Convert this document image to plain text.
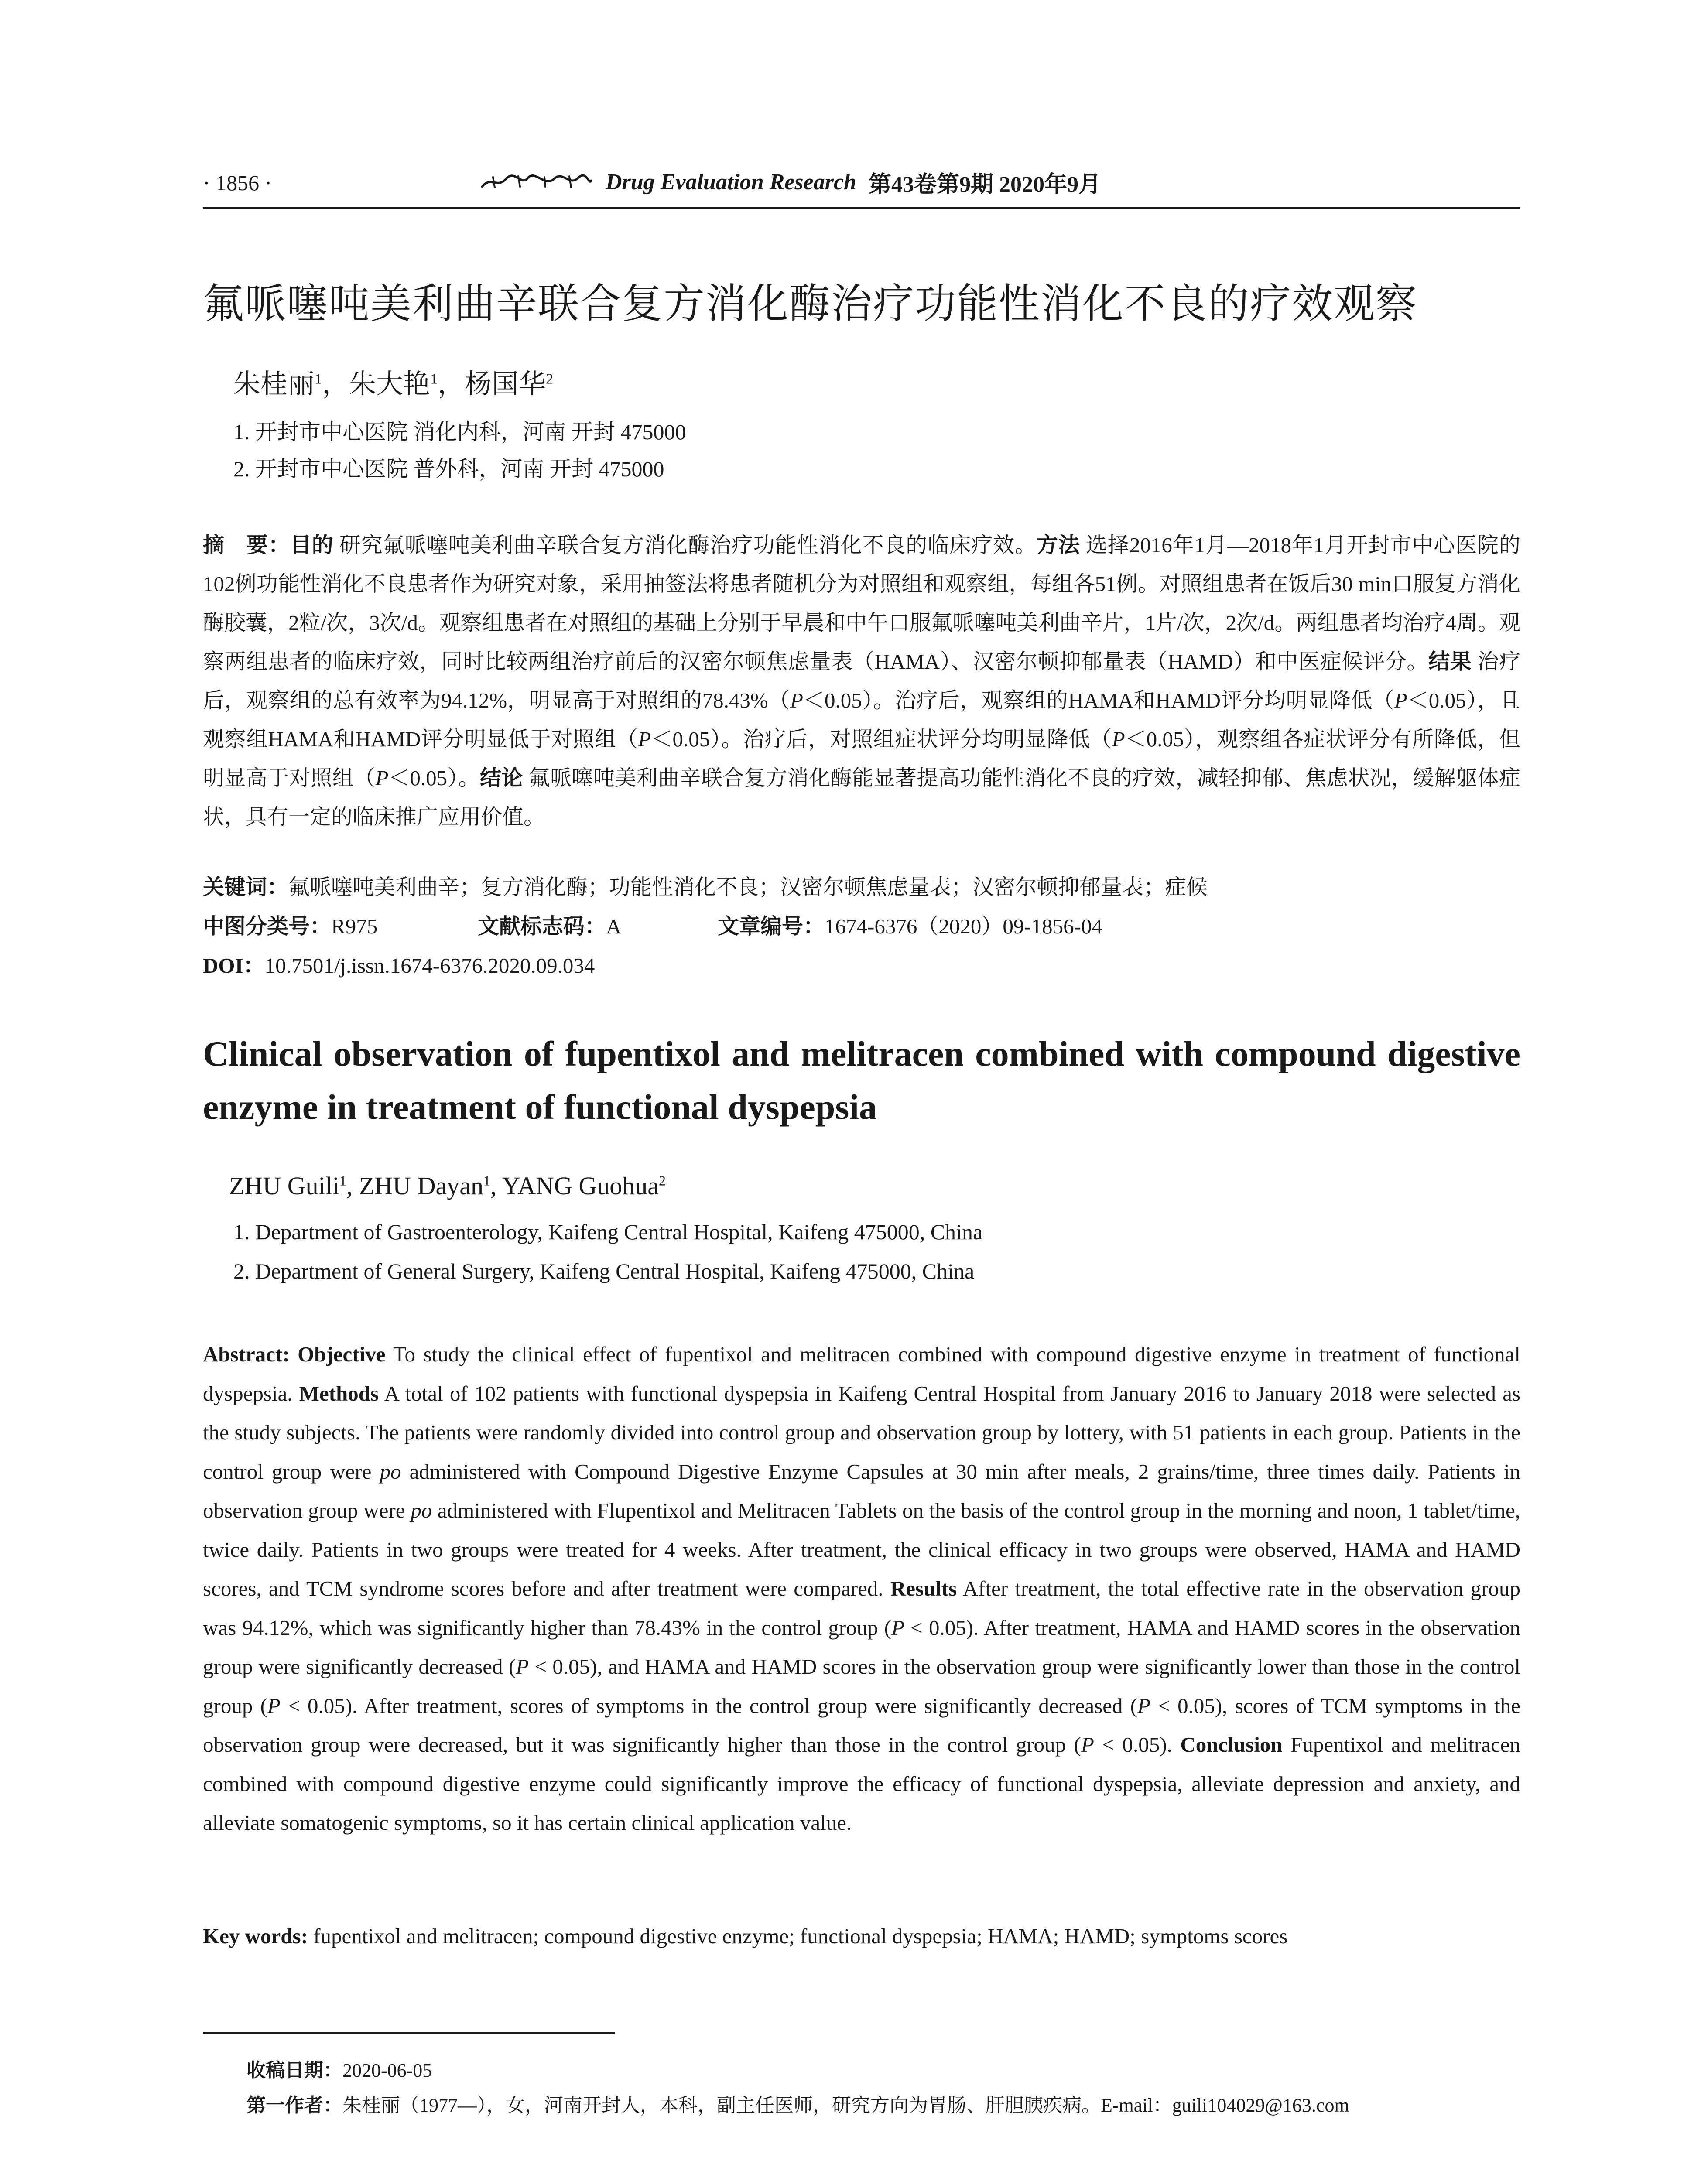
· 1856 ·	Drug Evaluation Research 第43卷第9期 2020年9月
氟哌噻吨美利曲辛联合复方消化酶治疗功能性消化不良的疗效观察
朱桂丽$^1$，朱大艳$^1$，杨国华$^2$
1. 开封市中心医院 消化内科，河南 开封 475000
2. 开封市中心医院 普外科，河南 开封 475000
摘　要：目的 研究氟哌噻吨美利曲辛联合复方消化酶治疗功能性消化不良的临床疗效。方法 选择2016年1月—2018年1月开封市中心医院的102例功能性消化不良患者作为研究对象，采用抽签法将患者随机分为对照组和观察组，每组各51例。对照组患者在饭后30 min口服复方消化酶胶囊，2粒/次，3次/d。观察组患者在对照组的基础上分别于早晨和中午口服氟哌噻吨美利曲辛片，1片/次，2次/d。两组患者均治疗4周。观察两组患者的临床疗效，同时比较两组治疗前后的汉密尔顿焦虑量表（HAMA）、汉密尔顿抑郁量表（HAMD）和中医症候评分。结果 治疗后，观察组的总有效率为94.12%，明显高于对照组的78.43%（P＜0.05）。治疗后，观察组的HAMA和HAMD评分均明显降低（P＜0.05），且观察组HAMA和HAMD评分明显低于对照组（P＜0.05）。治疗后，对照组症状评分均明显降低（P＜0.05），观察组各症状评分有所降低，但明显高于对照组（P＜0.05）。结论 氟哌噻吨美利曲辛联合复方消化酶能显著提高功能性消化不良的疗效，减轻抑郁、焦虑状况，缓解躯体症状，具有一定的临床推广应用价值。
关键词：氟哌噻吨美利曲辛；复方消化酶；功能性消化不良；汉密尔顿焦虑量表；汉密尔顿抑郁量表；症候
中图分类号：R975	文献标志码：A	文章编号：1674-6376（2020）09-1856-04
DOI：10.7501/j.issn.1674-6376.2020.09.034
Clinical observation of fupentixol and melitracen combined with compound digestive enzyme in treatment of functional dyspepsia
ZHU Guili$^1$, ZHU Dayan$^1$, YANG Guohua$^2$
1. Department of Gastroenterology, Kaifeng Central Hospital, Kaifeng 475000, China
2. Department of General Surgery, Kaifeng Central Hospital, Kaifeng 475000, China
Abstract: Objective To study the clinical effect of fupentixol and melitracen combined with compound digestive enzyme in treatment of functional dyspepsia. Methods A total of 102 patients with functional dyspepsia in Kaifeng Central Hospital from January 2016 to January 2018 were selected as the study subjects. The patients were randomly divided into control group and observation group by lottery, with 51 patients in each group. Patients in the control group were po administered with Compound Digestive Enzyme Capsules at 30 min after meals, 2 grains/time, three times daily. Patients in observation group were po administered with Flupentixol and Melitracen Tablets on the basis of the control group in the morning and noon, 1 tablet/time, twice daily. Patients in two groups were treated for 4 weeks. After treatment, the clinical efficacy in two groups were observed, HAMA and HAMD scores, and TCM syndrome scores before and after treatment were compared. Results After treatment, the total effective rate in the observation group was 94.12%, which was significantly higher than 78.43% in the control group (P < 0.05). After treatment, HAMA and HAMD scores in the observation group were significantly decreased (P < 0.05), and HAMA and HAMD scores in the observation group were significantly lower than those in the control group (P < 0.05). After treatment, scores of symptoms in the control group were significantly decreased (P < 0.05), scores of TCM symptoms in the observation group were decreased, but it was significantly higher than those in the control group (P < 0.05). Conclusion Fupentixol and melitracen combined with compound digestive enzyme could significantly improve the efficacy of functional dyspepsia, alleviate depression and anxiety, and alleviate somatogenic symptoms, so it has certain clinical application value.
Key words: fupentixol and melitracen; compound digestive enzyme; functional dyspepsia; HAMA; HAMD; symptoms scores
收稿日期：2020-06-05
第一作者：朱桂丽（1977—），女，河南开封人，本科，副主任医师，研究方向为胃肠、肝胆胰疾病。E-mail：guili104029@163.com
